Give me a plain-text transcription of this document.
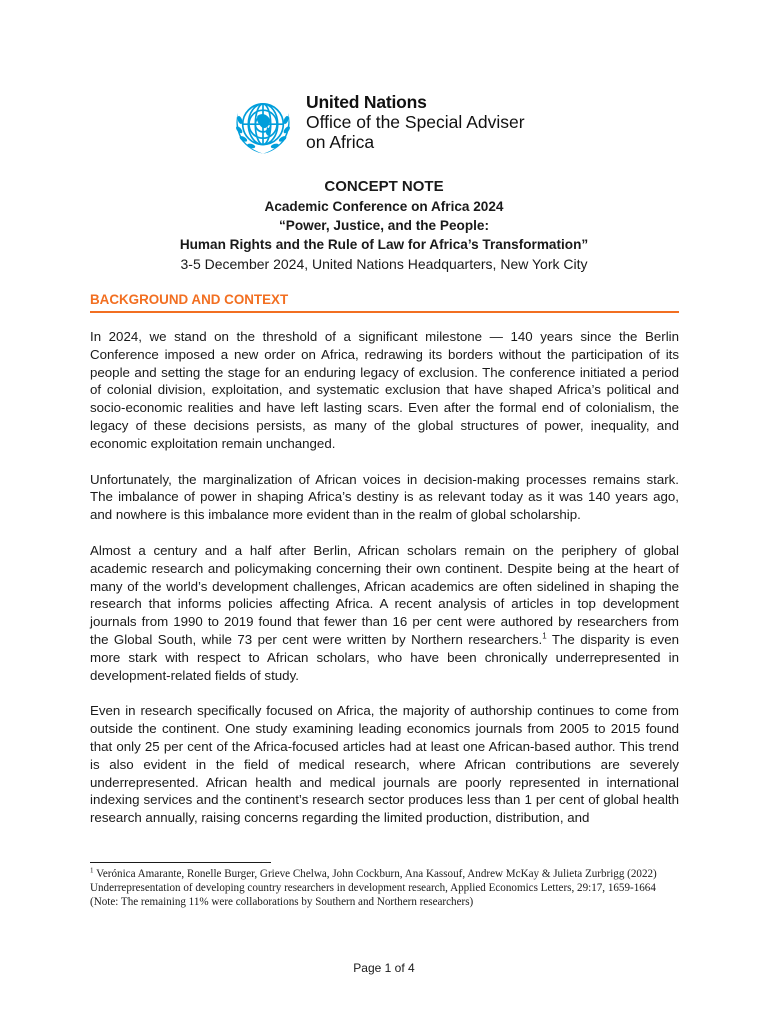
United Nations
Office of the Special Adviser
on Africa
CONCEPT NOTE
Academic Conference on Africa 2024
“Power, Justice, and the People:
Human Rights and the Rule of Law for Africa’s Transformation”
3-5 December 2024, United Nations Headquarters, New York City
BACKGROUND AND CONTEXT

In 2024, we stand on the threshold of a significant milestone — 140 years since the Berlin Conference imposed a new order on Africa, redrawing its borders without the participation of its people and setting the stage for an enduring legacy of exclusion. The conference initiated a period of colonial division, exploitation, and systematic exclusion that have shaped Africa’s political and socio-economic realities and have left lasting scars. Even after the formal end of colonialism, the legacy of these decisions persists, as many of the global structures of power, inequality, and economic exploitation remain unchanged.

Unfortunately, the marginalization of African voices in decision-making processes remains stark. The imbalance of power in shaping Africa’s destiny is as relevant today as it was 140 years ago, and nowhere is this imbalance more evident than in the realm of global scholarship.

Almost a century and a half after Berlin, African scholars remain on the periphery of global academic research and policymaking concerning their own continent. Despite being at the heart of many of the world’s development challenges, African academics are often sidelined in shaping the research that informs policies affecting Africa. A recent analysis of articles in top development journals from 1990 to 2019 found that fewer than 16 per cent were authored by researchers from the Global South, while 73 per cent were written by Northern researchers.$^1$ The disparity is even more stark with respect to African scholars, who have been chronically underrepresented in development-related fields of study.

Even in research specifically focused on Africa, the majority of authorship continues to come from outside the continent. One study examining leading economics journals from 2005 to 2015 found that only 25 per cent of the Africa-focused articles had at least one African-based author. This trend is also evident in the field of medical research, where African contributions are severely underrepresented. African health and medical journals are poorly represented in international indexing services and the continent’s research sector produces less than 1 per cent of global health research annually, raising concerns regarding the limited production, distribution, and

$^1$ Verónica Amarante, Ronelle Burger, Grieve Chelwa, John Cockburn, Ana Kassouf, Andrew McKay & Julieta Zurbrigg (2022) Underrepresentation of developing country researchers in development research, Applied Economics Letters, 29:17, 1659-1664 (Note: The remaining 11% were collaborations by Southern and Northern researchers)
Page 1 of 4
